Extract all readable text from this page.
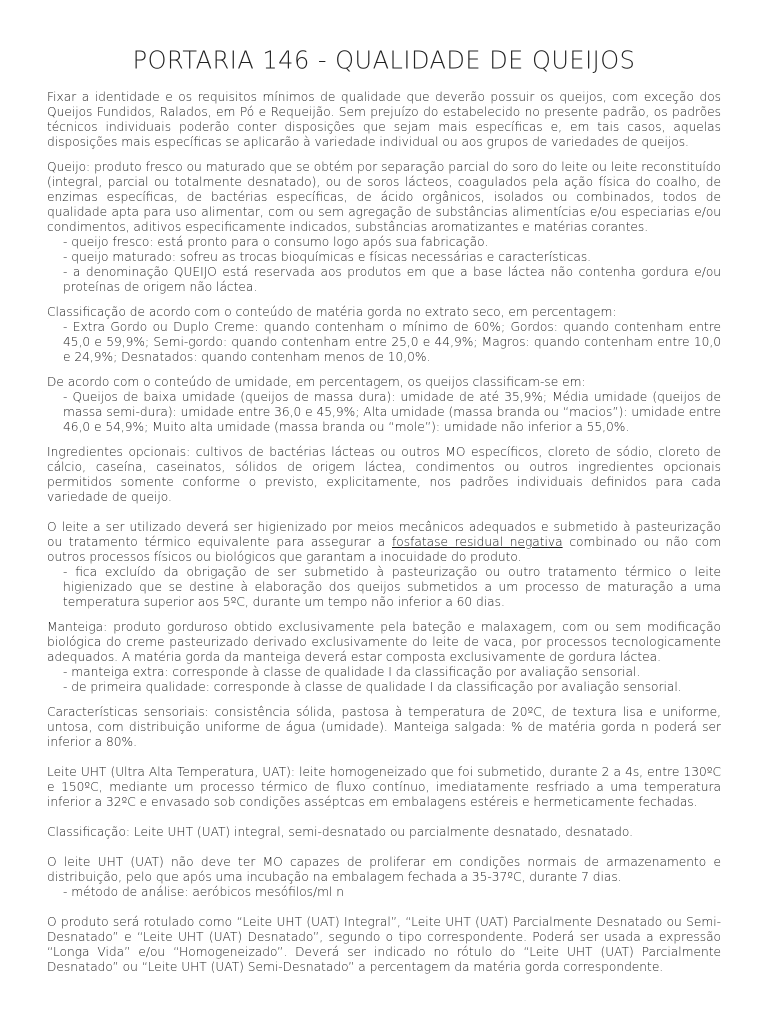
PORTARIA 146 - QUALIDADE DE QUEIJOS
Fixar a identidade e os requisitos mínimos de qualidade que deverão possuir os queijos, com exceção dos Queijos Fundidos, Ralados, em Pó e Requeijão. Sem prejuízo do estabelecido no presente padrão, os padrões técnicos individuais poderão conter disposições que sejam mais específicas e, em tais casos, aquelas disposições mais específicas se aplicarão à variedade individual ou aos grupos de variedades de queijos.
Queijo: produto fresco ou maturado que se obtém por separação parcial do soro do leite ou leite reconstituído (integral, parcial ou totalmente desnatado), ou de soros lácteos, coagulados pela ação física do coalho, de enzimas específicas, de bactérias específicas, de ácido orgânicos, isolados ou combinados, todos de qualidade apta para uso alimentar, com ou sem agregação de substâncias alimentícias e/ou especiarias e/ou condimentos, aditivos especificamente indicados, substâncias aromatizantes e matérias corantes.
- queijo fresco: está pronto para o consumo logo após sua fabricação.
- queijo maturado: sofreu as trocas bioquímicas e físicas necessárias e características.
- a denominação QUEIJO está reservada aos produtos em que a base láctea não contenha gordura e/ou proteínas de origem não láctea.
Classificação de acordo com o conteúdo de matéria gorda no extrato seco, em percentagem:
- Extra Gordo ou Duplo Creme: quando contenham o mínimo de 60%; Gordos: quando contenham entre 45,0 e 59,9%; Semi-gordo: quando contenham entre 25,0 e 44,9%; Magros: quando contenham entre 10,0 e 24,9%; Desnatados: quando contenham menos de 10,0%.
De acordo com o conteúdo de umidade, em percentagem, os queijos classificam-se em:
- Queijos de baixa umidade (queijos de massa dura): umidade de até 35,9%; Média umidade (queijos de massa semi-dura): umidade entre 36,0 e 45,9%; Alta umidade (massa branda ou “macios”): umidade entre 46,0 e 54,9%; Muito alta umidade (massa branda ou “mole”): umidade não inferior a 55,0%.
Ingredientes opcionais: cultivos de bactérias lácteas ou outros MO específicos, cloreto de sódio, cloreto de cálcio, caseína, caseinatos, sólidos de origem láctea, condimentos ou outros ingredientes opcionais permitidos somente conforme o previsto, explicitamente, nos padrões individuais definidos para cada variedade de queijo.
O leite a ser utilizado deverá ser higienizado por meios mecânicos adequados e submetido à pasteurização ou tratamento térmico equivalente para assegurar a fosfatase residual negativa combinado ou não com outros processos físicos ou biológicos que garantam a inocuidade do produto.
- fica excluído da obrigação de ser submetido à pasteurização ou outro tratamento térmico o leite higienizado que se destine à elaboração dos queijos submetidos a um processo de maturação a uma temperatura superior aos 5ºC, durante um tempo não inferior a 60 dias.
Manteiga: produto gorduroso obtido exclusivamente pela bateção e malaxagem, com ou sem modificação biológica do creme pasteurizado derivado exclusivamente do leite de vaca, por processos tecnologicamente adequados. A matéria gorda da manteiga deverá estar composta exclusivamente de gordura láctea.
- manteiga extra: corresponde à classe de qualidade I da classificação por avaliação sensorial.
- de primeira qualidade: corresponde à classe de qualidade I da classificação por avaliação sensorial.
Características sensoriais: consistência sólida, pastosa à temperatura de 20ºC, de textura lisa e uniforme, untosa, com distribuição uniforme de água (umidade). Manteiga salgada: % de matéria gorda n poderá ser inferior a 80%.
Leite UHT (Ultra Alta Temperatura, UAT): leite homogeneizado que foi submetido, durante 2 a 4s, entre 130ºC e 150ºC, mediante um processo térmico de fluxo contínuo, imediatamente resfriado a uma temperatura inferior a 32ºC e envasado sob condições asséptcas em embalagens estéreis e hermeticamente fechadas.
Classificação: Leite UHT (UAT) integral, semi-desnatado ou parcialmente desnatado, desnatado.
O leite UHT (UAT) não deve ter MO capazes de proliferar em condições normais de armazenamento e distribuição, pelo que após uma incubação na embalagem fechada a 35-37ºC, durante 7 dias.
- método de análise: aeróbicos mesófilos/ml n
O produto será rotulado como “Leite UHT (UAT) Integral”, “Leite UHT (UAT) Parcialmente Desnatado ou Semi-Desnatado” e “Leite UHT (UAT) Desnatado”, segundo o tipo correspondente. Poderá ser usada a expressão “Longa Vida” e/ou “Homogeneizado”. Deverá ser indicado no rótulo do “Leite UHT (UAT) Parcialmente Desnatado” ou “Leite UHT (UAT) Semi-Desnatado” a percentagem da matéria gorda correspondente.
